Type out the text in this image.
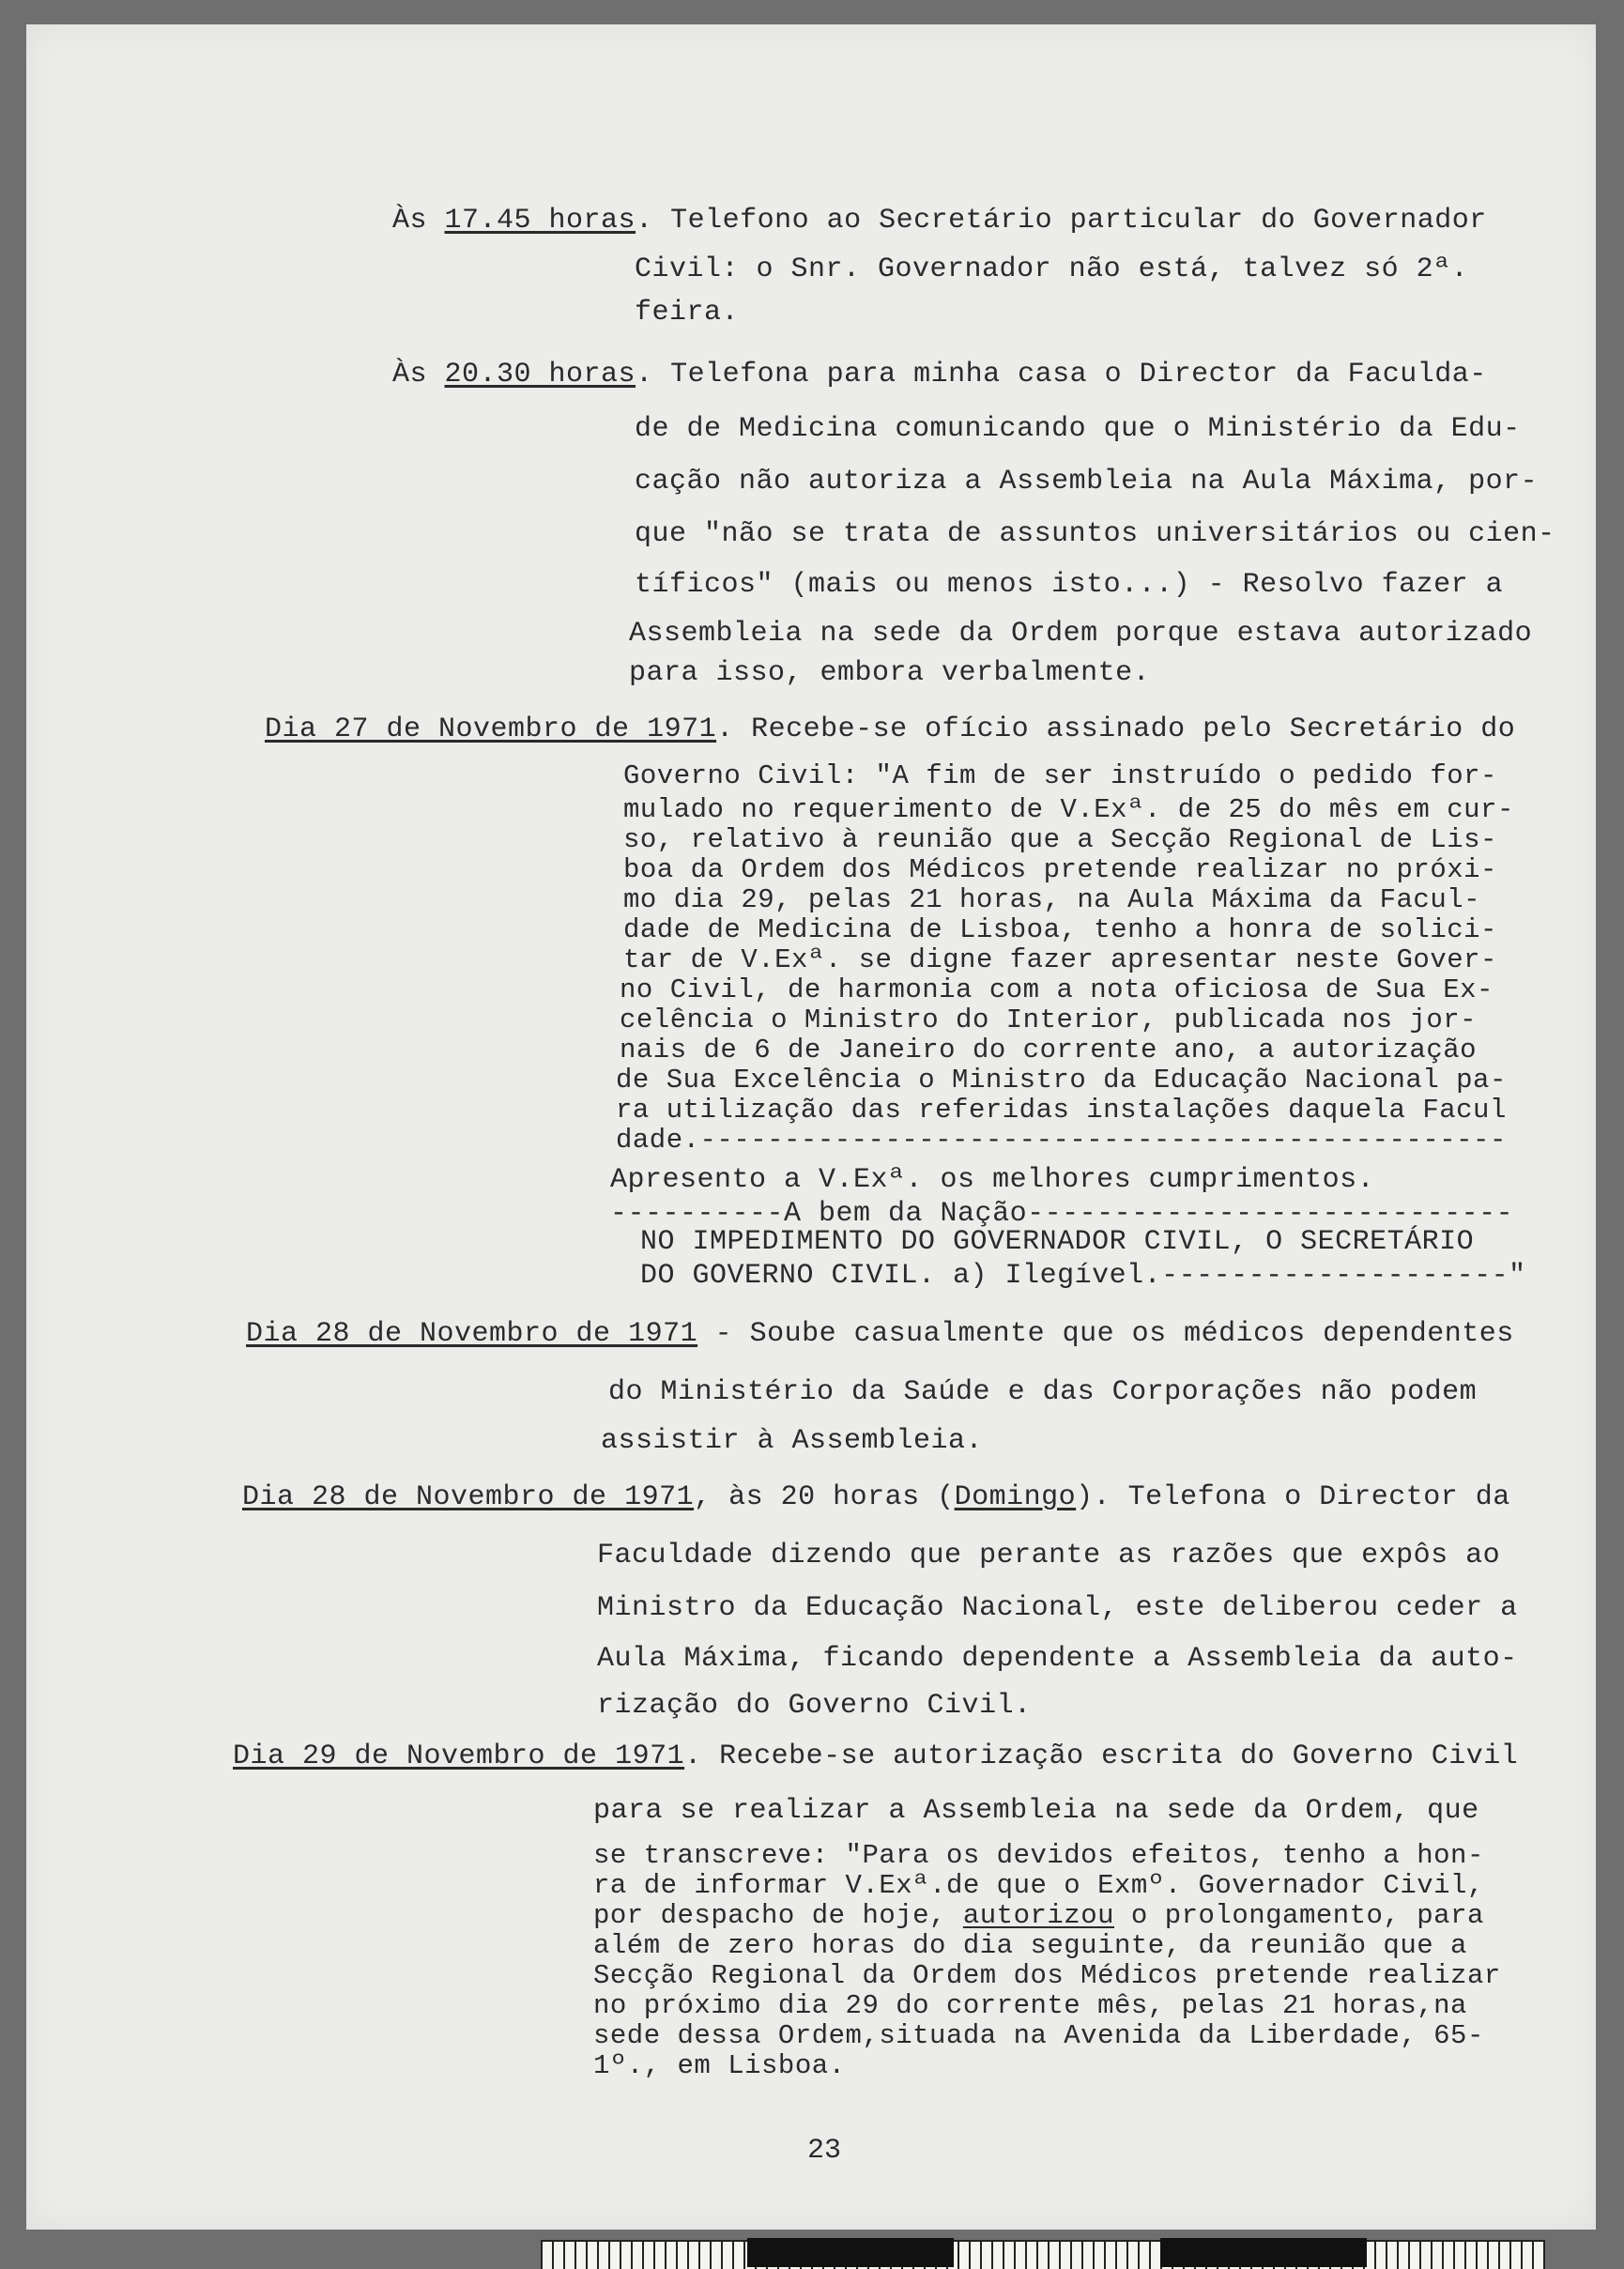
Às 17.45 horas. Telefono ao Secretário particular do Governador

Civil: o Snr. Governador não está, talvez só 2ª.

feira.

Às 20.30 horas. Telefona para minha casa o Director da Faculda-

de de Medicina comunicando que o Ministério da Edu-

cação não autoriza a Assembleia na Aula Máxima, por-

que "não se trata de assuntos universitários ou cien-

tíficos" (mais ou menos isto...) - Resolvo fazer a

Assembleia na sede da Ordem porque estava autorizado

para isso, embora verbalmente.

Dia 27 de Novembro de 1971. Recebe-se ofício assinado pelo Secretário do

Governo Civil: "A fim de ser instruído o pedido for-

mulado no requerimento de V.Exª. de 25 do mês em cur-

so, relativo à reunião que a Secção Regional de Lis-

boa da Ordem dos Médicos pretende realizar no próxi-

mo dia 29, pelas 21 horas, na Aula Máxima da Facul-

dade de Medicina de Lisboa, tenho a honra de solici-

tar de V.Exª. se digne fazer apresentar neste Gover-

no Civil, de harmonia com a nota oficiosa de Sua Ex-

celência o Ministro do Interior, publicada nos jor-

nais de 6 de Janeiro do corrente ano, a autorização

de Sua Excelência o Ministro da Educação Nacional pa-

ra utilização das referidas instalações daquela Facul

dade.------------------------------------------------

Apresento a V.Exª. os melhores cumprimentos.

----------A bem da Nação----------------------------

NO IMPEDIMENTO DO GOVERNADOR CIVIL, O SECRETÁRIO

DO GOVERNO CIVIL. a) Ilegível.--------------------"

Dia 28 de Novembro de 1971 - Soube casualmente que os médicos dependentes

do Ministério da Saúde e das Corporações não podem

assistir à Assembleia.

Dia 28 de Novembro de 1971, às 20 horas (Domingo). Telefona o Director da

Faculdade dizendo que perante as razões que expôs ao

Ministro da Educação Nacional, este deliberou ceder a

Aula Máxima, ficando dependente a Assembleia da auto-

rização do Governo Civil.

Dia 29 de Novembro de 1971. Recebe-se autorização escrita do Governo Civil

para se realizar a Assembleia na sede da Ordem, que

se transcreve: "Para os devidos efeitos, tenho a hon-

ra de informar V.Exª.de que o Exmº. Governador Civil,

por despacho de hoje, autorizou o prolongamento, para

além de zero horas do dia seguinte, da reunião que a

Secção Regional da Ordem dos Médicos pretende realizar

no próximo dia 29 do corrente mês, pelas 21 horas,na

sede dessa Ordem,situada na Avenida da Liberdade, 65-

1º., em Lisboa.

23
